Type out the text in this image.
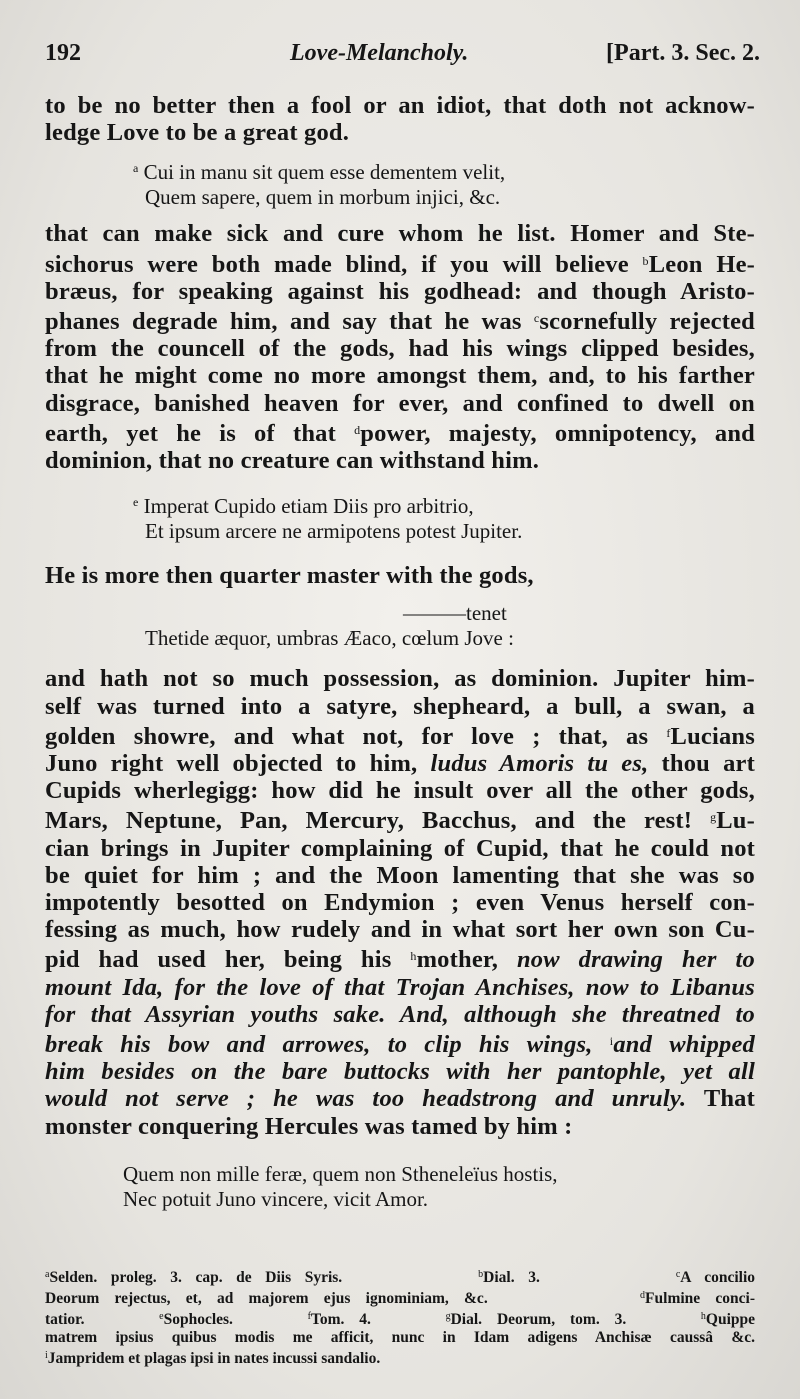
192	Love-Melancholy.	[Part. 3. Sec. 2.

to be no better then a fool or an idiot, that doth not acknow-
ledge Love to be a great god.

$^a$ Cui in manu sit quem esse dementem velit,
Quem sapere, quem in morbum injici, &c.

that can make sick and cure whom he list. Homer and Ste-
sichorus were both made blind, if you will believe $^b$Leon He-
bræus, for speaking against his godhead: and though Aristo-
phanes degrade him, and say that he was $^c$scornefully rejected
from the councell of the gods, had his wings clipped besides,
that he might come no more amongst them, and, to his farther
disgrace, banished heaven for ever, and confined to dwell on
earth, yet he is of that $^d$power, majesty, omnipotency, and
dominion, that no creature can withstand him.

$^e$ Imperat Cupido etiam Diis pro arbitrio,
Et ipsum arcere ne armipotens potest Jupiter.

He is more then quarter master with the gods,

———tenet
Thetide æquor, umbras Æaco, cœlum Jove :

and hath not so much possession, as dominion. Jupiter him-
self was turned into a satyre, shepheard, a bull, a swan, a
golden showre, and what not, for love ; that, as $^f$Lucians
Juno right well objected to him, ludus Amoris tu es, thou art
Cupids wherlegigg: how did he insult over all the other gods,
Mars, Neptune, Pan, Mercury, Bacchus, and the rest! $^g$Lu-
cian brings in Jupiter complaining of Cupid, that he could not
be quiet for him ; and the Moon lamenting that she was so
impotently besotted on Endymion ; even Venus herself con-
fessing as much, how rudely and in what sort her own son Cu-
pid had used her, being his $^h$mother, now drawing her to
mount Ida, for the love of that Trojan Anchises, now to Libanus
for that Assyrian youths sake. And, although she threatned to
break his bow and arrowes, to clip his wings, $^i$and whipped
him besides on the bare buttocks with her pantophle, yet all
would not serve ; he was too headstrong and unruly. That
monster conquering Hercules was tamed by him :

Quem non mille feræ, quem non Stheneleïus hostis,
Nec potuit Juno vincere, vicit Amor.
$^a$Selden. proleg. 3. cap. de Diis Syris.          $^b$Dial. 3.          $^c$A concilio
Deorum rejectus, et, ad majorem ejus ignominiam, &c.          $^d$Fulmine conci-
tatior.     $^e$Sophocles.     $^f$Tom. 4.     $^g$Dial. Deorum, tom. 3.     $^h$Quippe
matrem ipsius quibus modis me afficit, nunc in Idam adigens Anchisæ caussâ &c.
$^i$Jampridem et plagas ipsi in nates incussi sandalio.
